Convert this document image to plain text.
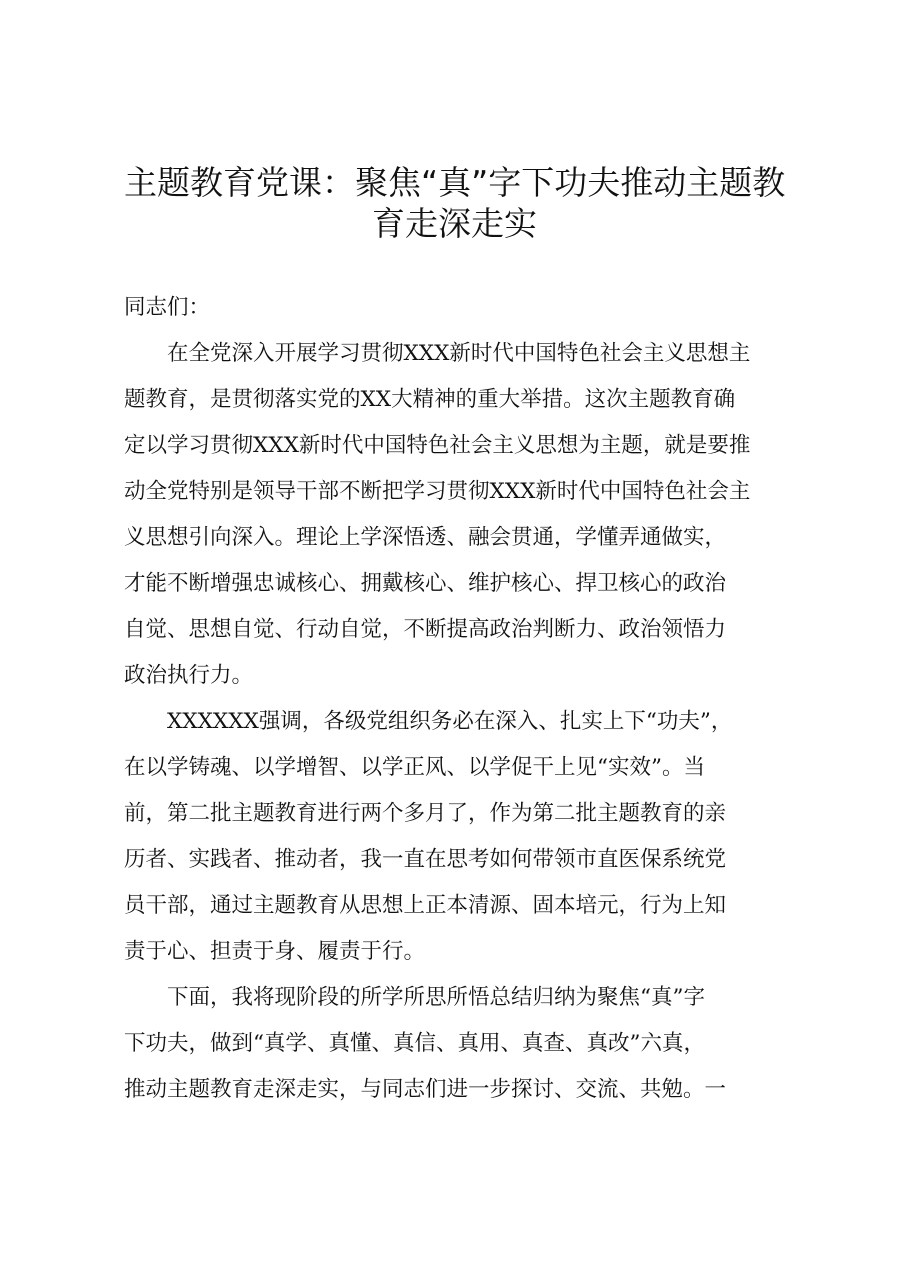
主题教育党课：聚焦“真”字下功夫推动主题教
育走深走实
同志们：
　　在全党深入开展学习贯彻XXX新时代中国特色社会主义思想主
题教育，是贯彻落实党的XX大精神的重大举措。这次主题教育确
定以学习贯彻XXX新时代中国特色社会主义思想为主题，就是要推
动全党特别是领导干部不断把学习贯彻XXX新时代中国特色社会主
义思想引向深入。理论上学深悟透、融会贯通，学懂弄通做实，
才能不断增强忠诚核心、拥戴核心、维护核心、捍卫核心的政治
自觉、思想自觉、行动自觉，不断提高政治判断力、政治领悟力
政治执行力。
　　XXXXXX强调，各级党组织务必在深入、扎实上下“功夫”，
在以学铸魂、以学增智、以学正风、以学促干上见“实效”。当
前，第二批主题教育进行两个多月了，作为第二批主题教育的亲
历者、实践者、推动者，我一直在思考如何带领市直医保系统党
员干部，通过主题教育从思想上正本清源、固本培元，行为上知
责于心、担责于身、履责于行。
　　下面，我将现阶段的所学所思所悟总结归纳为聚焦“真”字
下功夫，做到“真学、真懂、真信、真用、真查、真改”六真，
推动主题教育走深走实，与同志们进一步探讨、交流、共勉。一
